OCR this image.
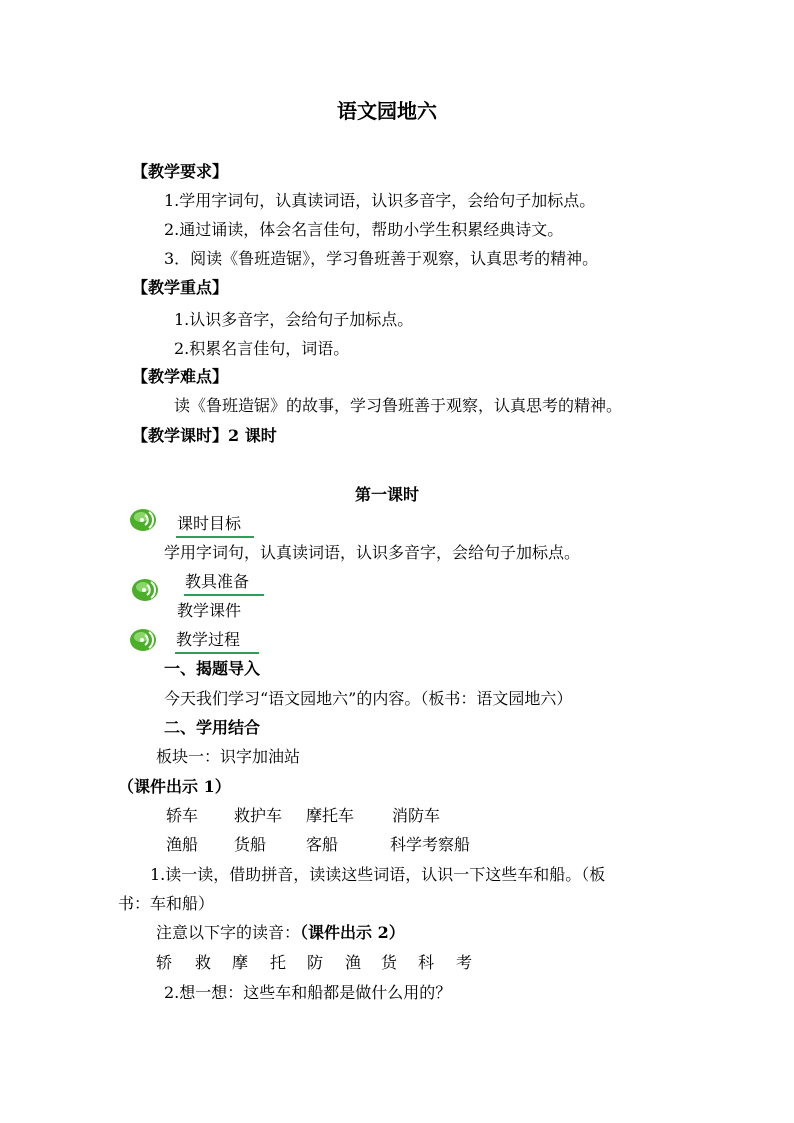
语文园地六
【教学要求】
1.学用字词句，认真读词语，认识多音字，会给句子加标点。
2.通过诵读，体会名言佳句，帮助小学生积累经典诗文。
3．阅读《鲁班造锯》，学习鲁班善于观察，认真思考的精神。
【教学重点】
1.认识多音字，会给句子加标点。
2.积累名言佳句，词语。
【教学难点】
读《鲁班造锯》的故事，学习鲁班善于观察，认真思考的精神。
【教学课时】2 课时
第一课时
课时目标
学用字词句，认真读词语，认识多音字，会给句子加标点。
教具准备
教学课件
教学过程
一、揭题导入
今天我们学习“语文园地六”的内容。（板书：语文园地六）
二、学用结合
板块一：识字加油站
（课件出示 1）
轿车 救护车 摩托车 消防车
渔船 货船 客船	科学考察船
1.读一读，借助拼音，读读这些词语，认识一下这些车和船。（板
书：车和船）
注意以下字的读音：（课件出示 2）
轿 救 摩 托 防 渔 货 科 考
2.想一想：这些车和船都是做什么用的？
